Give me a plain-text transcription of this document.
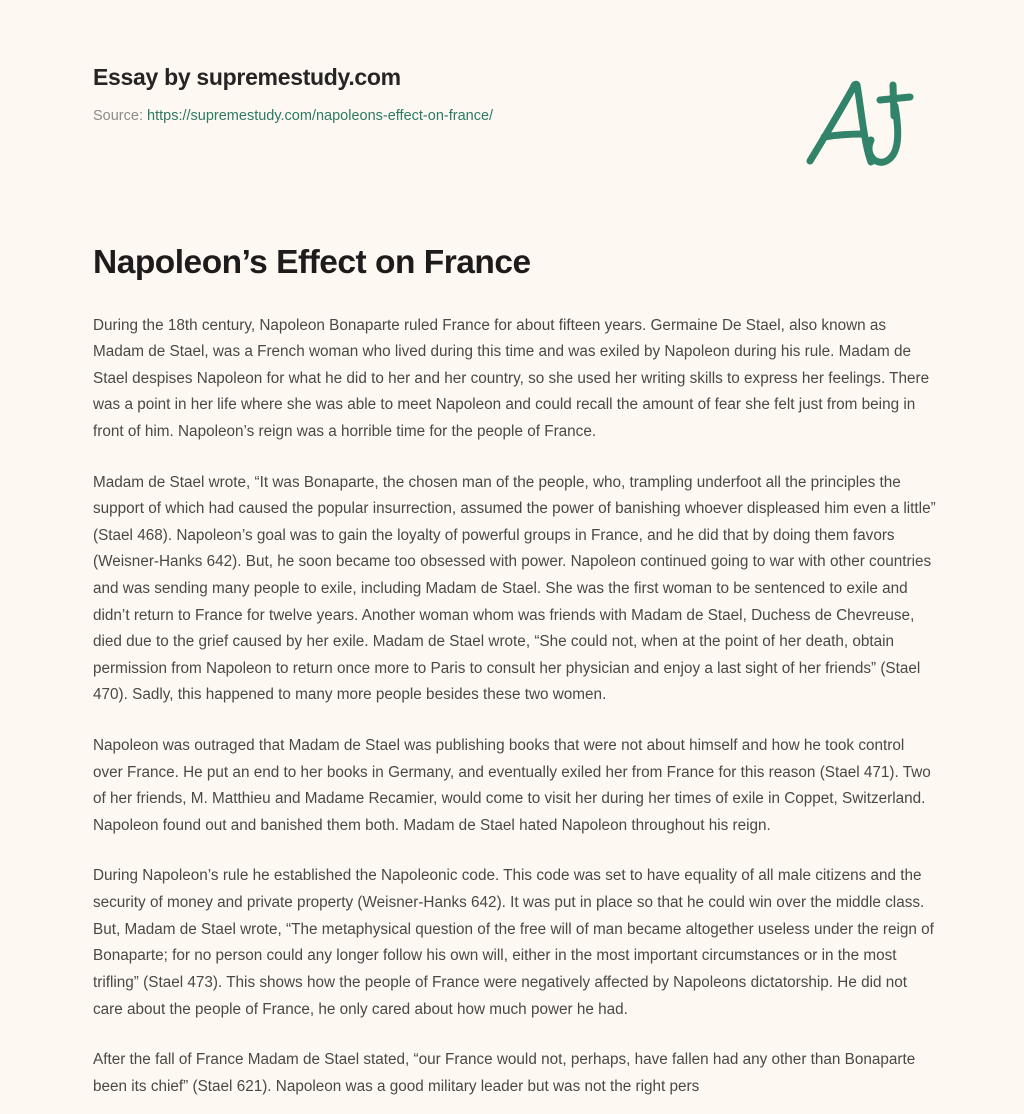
Essay by supremestudy.com
Source: https://supremestudy.com/napoleons-effect-on-france/
Napoleon’s Effect on France

During the 18th century, Napoleon Bonaparte ruled France for about fifteen years. Germaine De Stael, also known as Madam de Stael, was a French woman who lived during this time and was exiled by Napoleon during his rule. Madam de Stael despises Napoleon for what he did to her and her country, so she used her writing skills to express her feelings. There was a point in her life where she was able to meet Napoleon and could recall the amount of fear she felt just from being in front of him. Napoleon’s reign was a horrible time for the people of France.

Madam de Stael wrote, “It was Bonaparte, the chosen man of the people, who, trampling underfoot all the principles the support of which had caused the popular insurrection, assumed the power of banishing whoever displeased him even a little” (Stael 468). Napoleon’s goal was to gain the loyalty of powerful groups in France, and he did that by doing them favors (Weisner-Hanks 642). But, he soon became too obsessed with power. Napoleon continued going to war with other countries and was sending many people to exile, including Madam de Stael. She was the first woman to be sentenced to exile and didn’t return to France for twelve years. Another woman whom was friends with Madam de Stael, Duchess de Chevreuse, died due to the grief caused by her exile. Madam de Stael wrote, “She could not, when at the point of her death, obtain permission from Napoleon to return once more to Paris to consult her physician and enjoy a last sight of her friends” (Stael 470). Sadly, this happened to many more people besides these two women.

Napoleon was outraged that Madam de Stael was publishing books that were not about himself and how he took control over France. He put an end to her books in Germany, and eventually exiled her from France for this reason (Stael 471). Two of her friends, M. Matthieu and Madame Recamier, would come to visit her during her times of exile in Coppet, Switzerland. Napoleon found out and banished them both. Madam de Stael hated Napoleon throughout his reign.

During Napoleon’s rule he established the Napoleonic code. This code was set to have equality of all male citizens and the security of money and private property (Weisner-Hanks 642). It was put in place so that he could win over the middle class. But, Madam de Stael wrote, “The metaphysical question of the free will of man became altogether useless under the reign of Bonaparte; for no person could any longer follow his own will, either in the most important circumstances or in the most trifling” (Stael 473). This shows how the people of France were negatively affected by Napoleons dictatorship. He did not care about the people of France, he only cared about how much power he had.

After the fall of France Madam de Stael stated, “our France would not, perhaps, have fallen had any other than Bonaparte been its chief” (Stael 621). Napoleon was a good military leader but was not the right pers
